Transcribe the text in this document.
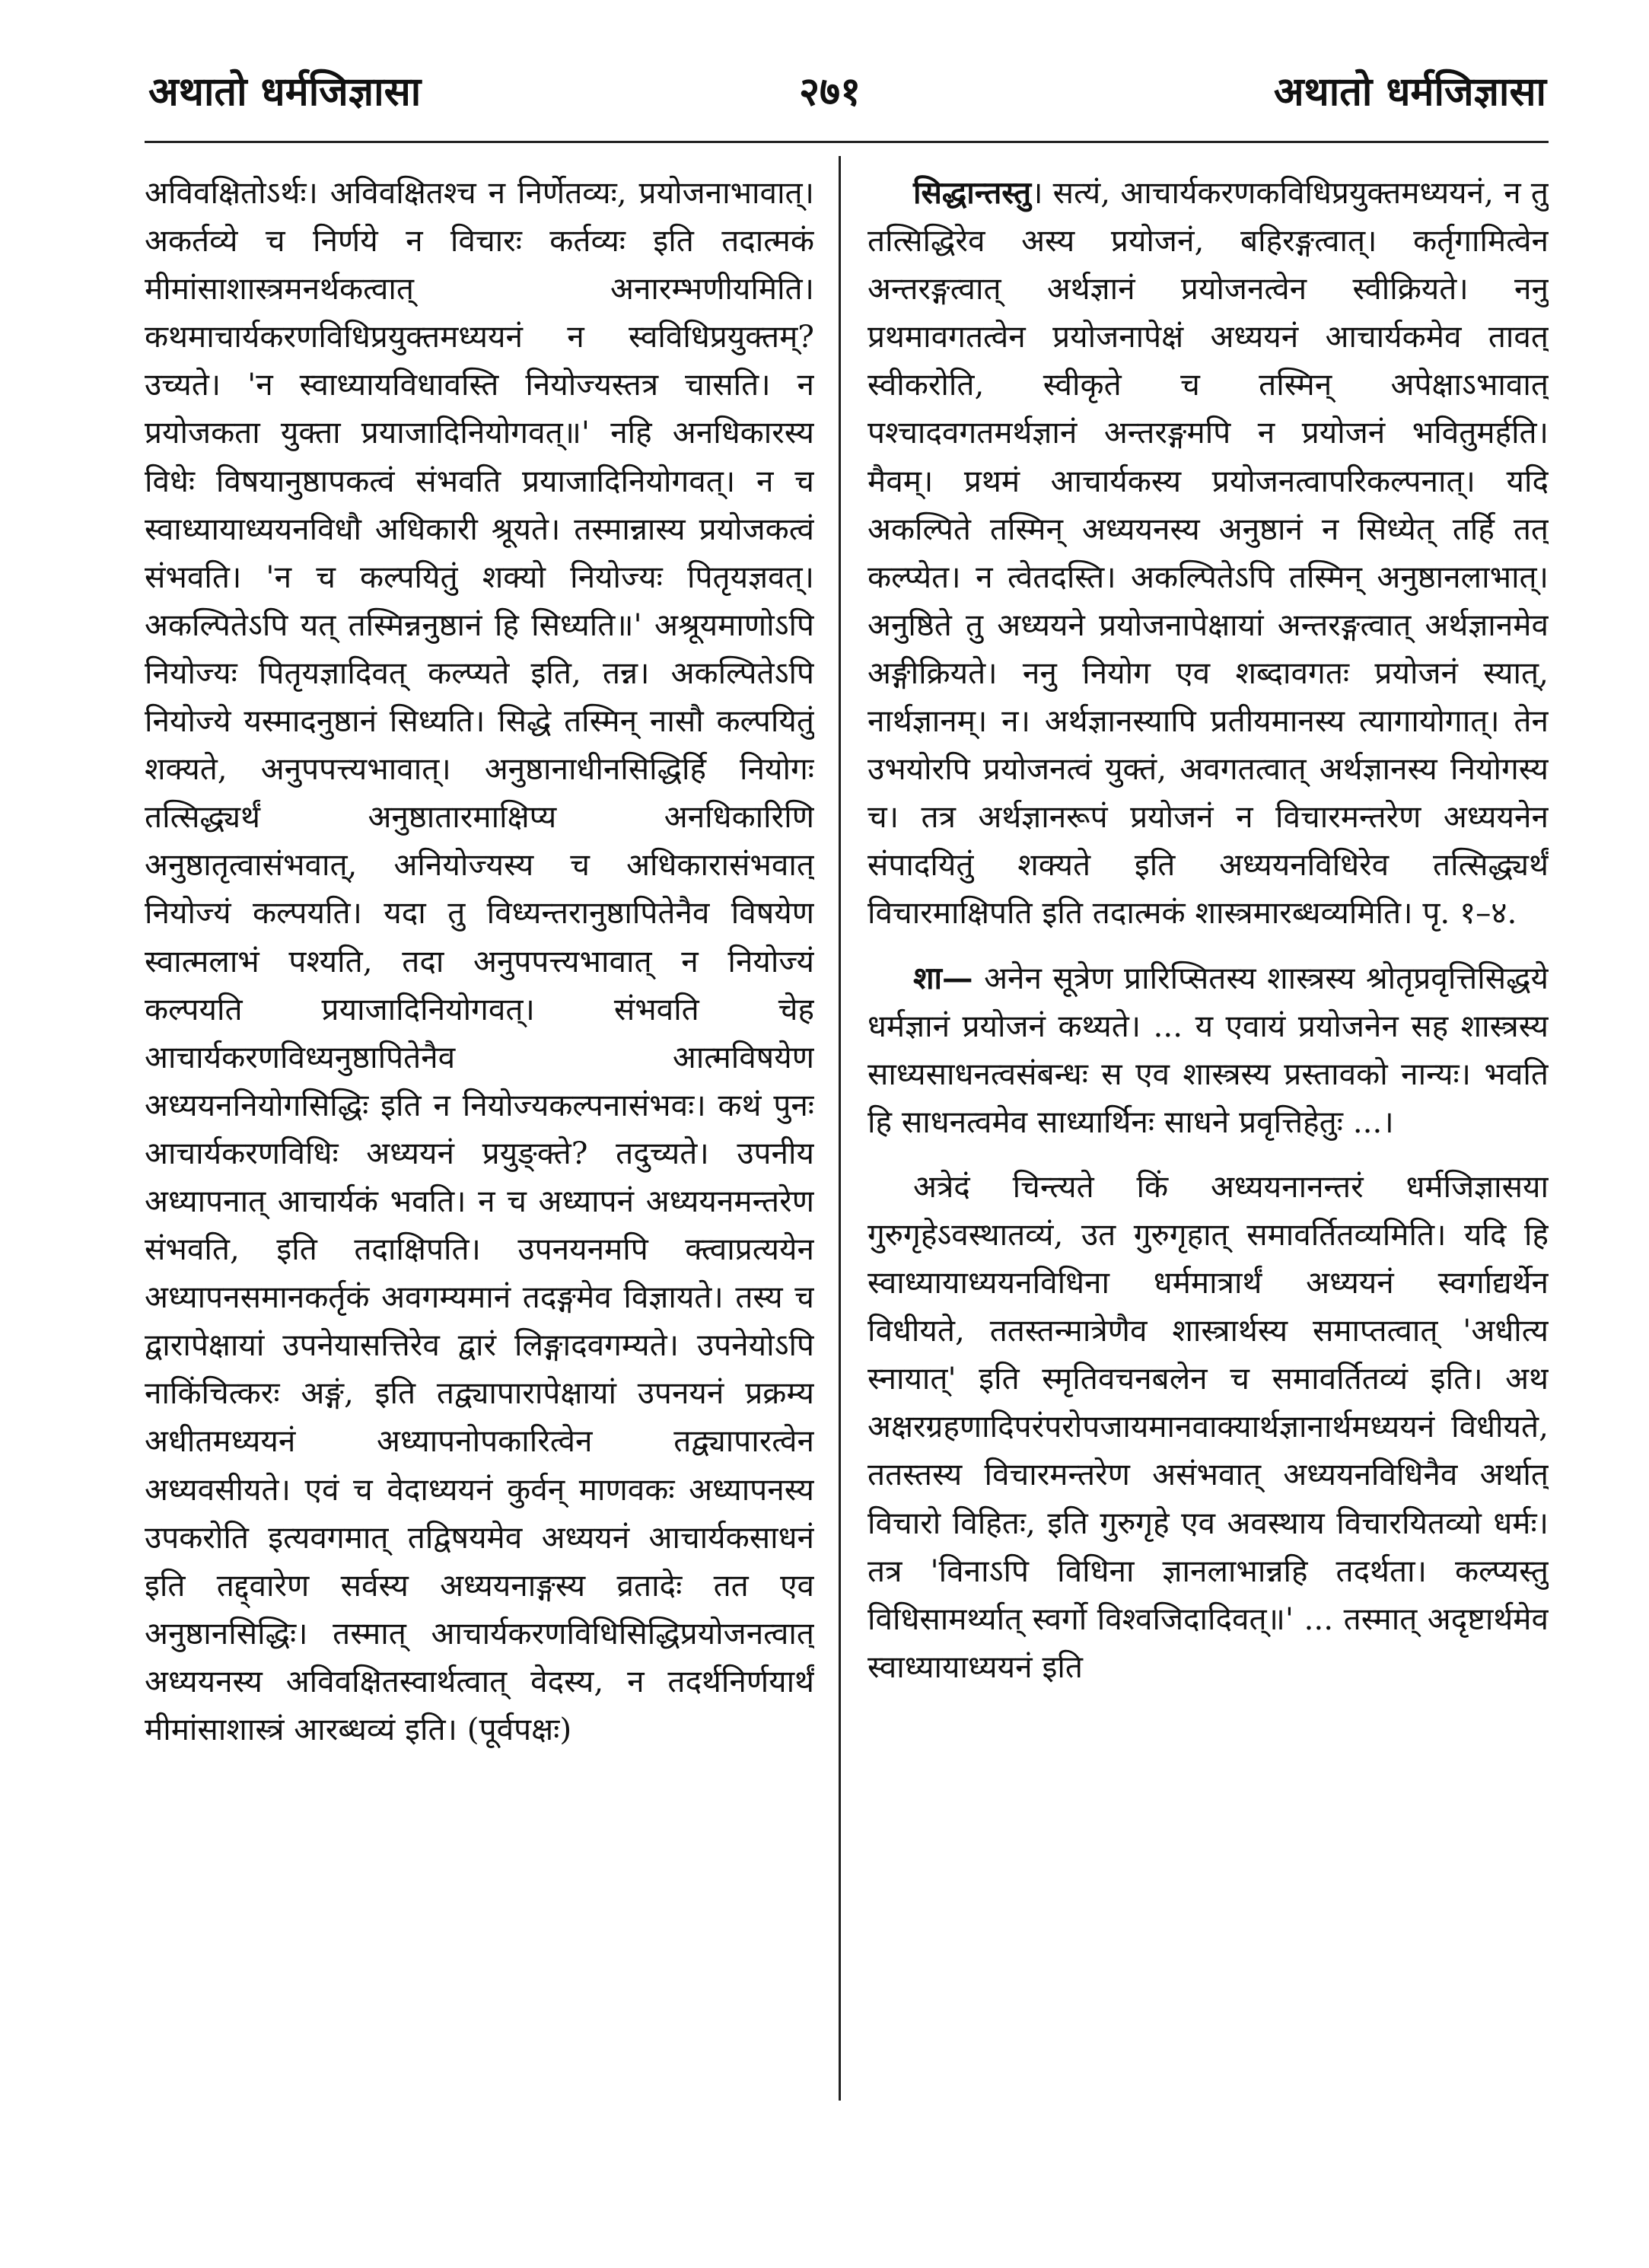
अथातो धर्मजिज्ञासा	२७१	अथातो धर्मजिज्ञासा

अविवक्षितोऽर्थः। अविवक्षितश्च न निर्णेतव्यः, प्रयोजनाभावात्। अकर्तव्ये च निर्णये न विचारः कर्तव्यः इति तदात्मकं मीमांसाशास्त्रमनर्थकत्वात् अनारम्भणीयमिति। कथमाचार्यकरणविधिप्रयुक्तमध्ययनं न स्वविधिप्रयुक्तम्? उच्यते। 'न स्वाध्यायविधावस्ति नियोज्यस्तत्र चासति। न प्रयोजकता युक्ता प्रयाजादिनियोगवत्॥' नहि अनधिकारस्य विधेः विषयानुष्ठापकत्वं संभवति प्रयाजादिनियोगवत्। न च स्वाध्यायाध्ययनविधौ अधिकारी श्रूयते। तस्मान्नास्य प्रयोजकत्वं संभवति। 'न च कल्पयितुं शक्यो नियोज्यः पितृयज्ञवत्। अकल्पितेऽपि यत् तस्मिन्ननुष्ठानं हि सिध्यति॥' अश्रूयमाणोऽपि नियोज्यः पितृयज्ञादिवत् कल्प्यते इति, तन्न। अकल्पितेऽपि नियोज्ये यस्मादनुष्ठानं सिध्यति। सिद्धे तस्मिन् नासौ कल्पयितुं शक्यते, अनुपपत्त्यभावात्। अनुष्ठानाधीनसिद्धिर्हि नियोगः तत्सिद्ध्यर्थं अनुष्ठातारमाक्षिप्य अनधिकारिणि अनुष्ठातृत्वासंभवात्, अनियोज्यस्य च अधिकारासंभवात् नियोज्यं कल्पयति। यदा तु विध्यन्तरानुष्ठापितेनैव विषयेण स्वात्मलाभं पश्यति, तदा अनुपपत्त्यभावात् न नियोज्यं कल्पयति प्रयाजादिनियोगवत्। संभवति चेह आचार्यकरणविध्यनुष्ठापितेनैव आत्मविषयेण अध्ययननियोगसिद्धिः इति न नियोज्यकल्पनासंभवः। कथं पुनः आचार्यकरणविधिः अध्ययनं प्रयुङ्क्ते? तदुच्यते। उपनीय अध्यापनात् आचार्यकं भवति। न च अध्यापनं अध्ययनमन्तरेण संभवति, इति तदाक्षिपति। उपनयनमपि क्त्वाप्रत्ययेन अध्यापनसमानकर्तृकं अवगम्यमानं तदङ्गमेव विज्ञायते। तस्य च द्वारापेक्षायां उपनेयासत्तिरेव द्वारं लिङ्गादवगम्यते। उपनेयोऽपि नाकिंचित्करः अङ्गं, इति तद्व्यापारापेक्षायां उपनयनं प्रक्रम्य अधीतमध्ययनं अध्यापनोपकारित्वेन तद्व्यापारत्वेन अध्यवसीयते। एवं च वेदाध्ययनं कुर्वन् माणवकः अध्यापनस्य उपकरोति इत्यवगमात् तद्विषयमेव अध्ययनं आचार्यकसाधनं इति तद्द्वारेण सर्वस्य अध्ययनाङ्गस्य व्रतादेः तत एव अनुष्ठानसिद्धिः। तस्मात् आचार्यकरणविधिसिद्धिप्रयोजनत्वात् अध्ययनस्य अविवक्षितस्वार्थत्वात् वेदस्य, न तदर्थनिर्णयार्थं मीमांसाशास्त्रं आरब्धव्यं इति। (पूर्वपक्षः)

सिद्धान्तस्तु। सत्यं, आचार्यकरणकविधिप्रयुक्तमध्ययनं, न तु तत्सिद्धिरेव अस्य प्रयोजनं, बहिरङ्गत्वात्। कर्तृगामित्वेन अन्तरङ्गत्वात् अर्थज्ञानं प्रयोजनत्वेन स्वीक्रियते। ननु प्रथमावगतत्वेन प्रयोजनापेक्षं अध्ययनं आचार्यकमेव तावत् स्वीकरोति, स्वीकृते च तस्मिन् अपेक्षाऽभावात् पश्चादवगतमर्थज्ञानं अन्तरङ्गमपि न प्रयोजनं भवितुमर्हति। मैवम्। प्रथमं आचार्यकस्य प्रयोजनत्वापरिकल्पनात्। यदि अकल्पिते तस्मिन् अध्ययनस्य अनुष्ठानं न सिध्येत् तर्हि तत् कल्प्येत। न त्वेतदस्ति। अकल्पितेऽपि तस्मिन् अनुष्ठानलाभात्। अनुष्ठिते तु अध्ययने प्रयोजनापेक्षायां अन्तरङ्गत्वात् अर्थज्ञानमेव अङ्गीक्रियते। ननु नियोग एव शब्दावगतः प्रयोजनं स्यात्, नार्थज्ञानम्। न। अर्थज्ञानस्यापि प्रतीयमानस्य त्यागायोगात्। तेन उभयोरपि प्रयोजनत्वं युक्तं, अवगतत्वात् अर्थज्ञानस्य नियोगस्य च। तत्र अर्थज्ञानरूपं प्रयोजनं न विचारमन्तरेण अध्ययनेन संपादयितुं शक्यते इति अध्ययनविधिरेव तत्सिद्ध्यर्थं विचारमाक्षिपति इति तदात्मकं शास्त्रमारब्धव्यमिति। पृ. १–४.

शा— अनेन सूत्रेण प्रारिप्सितस्य शास्त्रस्य श्रोतृप्रवृत्तिसिद्धये धर्मज्ञानं प्रयोजनं कथ्यते। ... य एवायं प्रयोजनेन सह शास्त्रस्य साध्यसाधनत्वसंबन्धः स एव शास्त्रस्य प्रस्तावको नान्यः। भवति हि साधनत्वमेव साध्यार्थिनः साधने प्रवृत्तिहेतुः ...।

अत्रेदं चिन्त्यते किं अध्ययनानन्तरं धर्मजिज्ञासया गुरुगृहेऽवस्थातव्यं, उत गुरुगृहात् समावर्तितव्यमिति। यदि हि स्वाध्यायाध्ययनविधिना धर्ममात्रार्थं अध्ययनं स्वर्गाद्यर्थेन विधीयते, ततस्तन्मात्रेणैव शास्त्रार्थस्य समाप्तत्वात् 'अधीत्य स्नायात्' इति स्मृतिवचनबलेन च समावर्तितव्यं इति। अथ अक्षरग्रहणादिपरंपरोपजायमानवाक्यार्थज्ञानार्थमध्ययनं विधीयते, ततस्तस्य विचारमन्तरेण असंभवात् अध्ययनविधिनैव अर्थात् विचारो विहितः, इति गुरुगृहे एव अवस्थाय विचारयितव्यो धर्मः। तत्र 'विनाऽपि विधिना ज्ञानलाभान्नहि तदर्थता। कल्प्यस्तु विधिसामर्थ्यात् स्वर्गो विश्वजिदादिवत्॥' ... तस्मात् अदृष्टार्थमेव स्वाध्यायाध्ययनं इति
